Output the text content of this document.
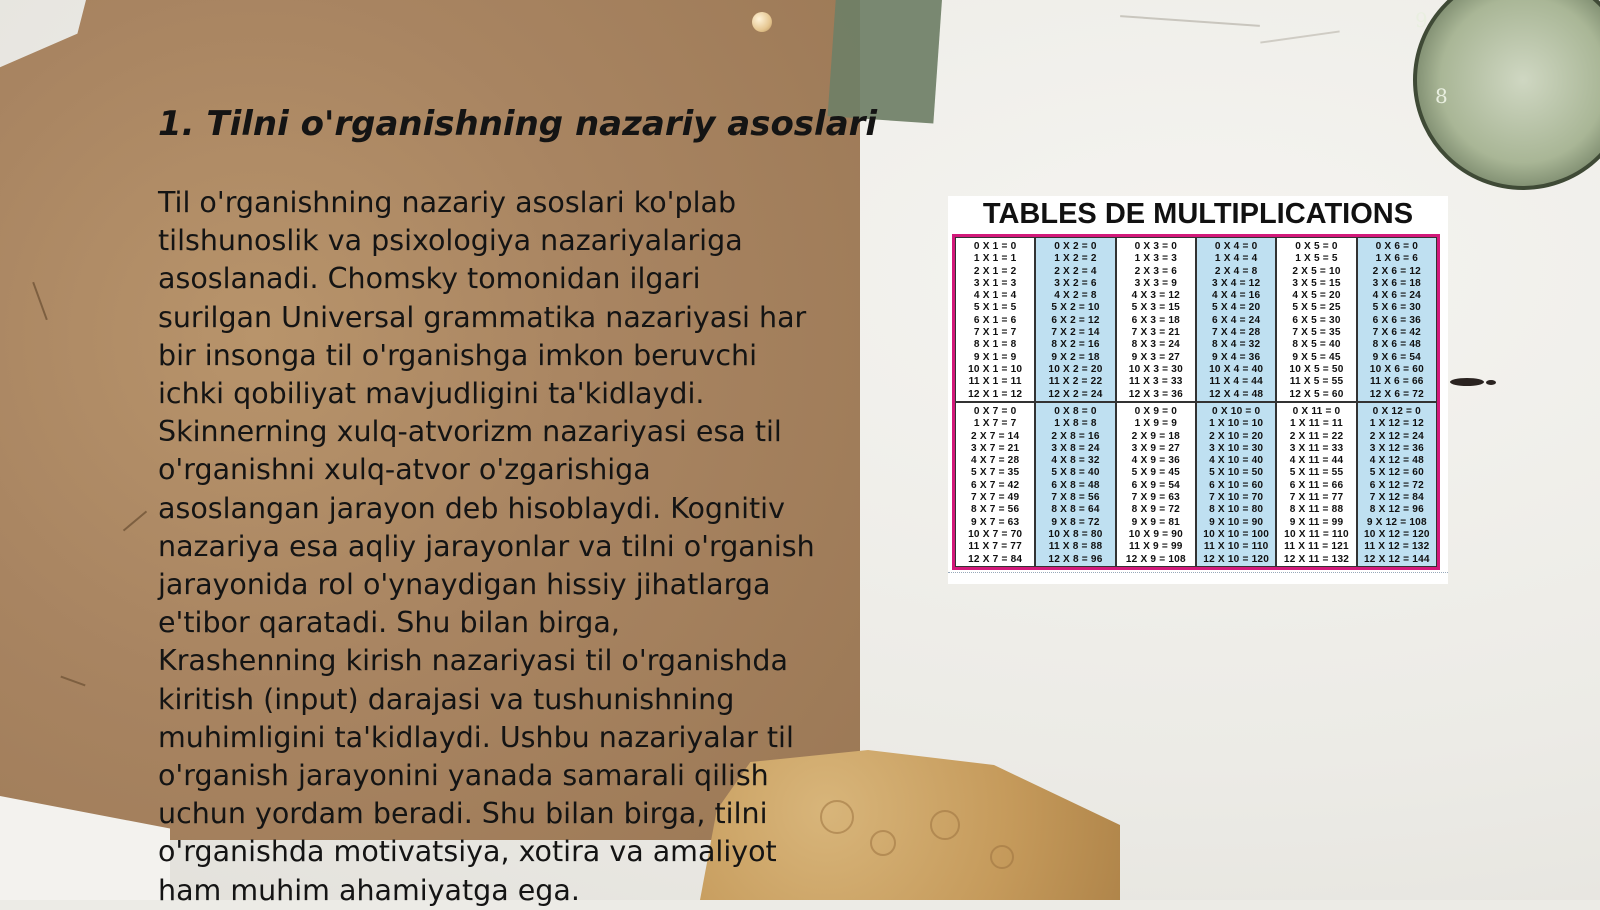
9
8
1. Tilni o'rganishning nazariy asoslari
Til o'rganishning nazariy asoslari ko'plab
tilshunoslik va psixologiya nazariyalariga
asoslanadi. Chomsky tomonidan ilgari
surilgan Universal grammatika nazariyasi har
bir insonga til o'rganishga imkon beruvchi
ichki qobiliyat mavjudligini ta'kidlaydi.
Skinnerning xulq-atvorizm nazariyasi esa til
o'rganishni xulq-atvor o'zgarishiga
asoslangan jarayon deb hisoblaydi. Kognitiv
nazariya esa aqliy jarayonlar va tilni o'rganish
jarayonida rol o'ynaydigan hissiy jihatlarga
e'tibor qaratadi. Shu bilan birga,
Krashenning kirish nazariyasi til o'rganishda
kiritish (input) darajasi va tushunishning
muhimligini ta'kidlaydi. Ushbu nazariyalar til
o'rganish jarayonini yanada samarali qilish
uchun yordam beradi. Shu bilan birga, tilni
o'rganishda motivatsiya, xotira va amaliyot
ham muhim ahamiyatga ega.
TABLES DE MULTIPLICATIONS
0 X 1 = 0
1 X 1 = 1
2 X 1 = 2
3 X 1 = 3
4 X 1 = 4
5 X 1 = 5
6 X 1 = 6
7 X 1 = 7
8 X 1 = 8
9 X 1 = 9
10 X 1 = 10
11 X 1 = 11
12 X 1 = 12
0 X 2 = 0
1 X 2 = 2
2 X 2 = 4
3 X 2 = 6
4 X 2 = 8
5 X 2 = 10
6 X 2 = 12
7 X 2 = 14
8 X 2 = 16
9 X 2 = 18
10 X 2 = 20
11 X 2 = 22
12 X 2 = 24
0 X 3 = 0
1 X 3 = 3
2 X 3 = 6
3 X 3 = 9
4 X 3 = 12
5 X 3 = 15
6 X 3 = 18
7 X 3 = 21
8 X 3 = 24
9 X 3 = 27
10 X 3 = 30
11 X 3 = 33
12 X 3 = 36
0 X 4 = 0
1 X 4 = 4
2 X 4 = 8
3 X 4 = 12
4 X 4 = 16
5 X 4 = 20
6 X 4 = 24
7 X 4 = 28
8 X 4 = 32
9 X 4 = 36
10 X 4 = 40
11 X 4 = 44
12 X 4 = 48
0 X 5 = 0
1 X 5 = 5
2 X 5 = 10
3 X 5 = 15
4 X 5 = 20
5 X 5 = 25
6 X 5 = 30
7 X 5 = 35
8 X 5 = 40
9 X 5 = 45
10 X 5 = 50
11 X 5 = 55
12 X 5 = 60
0 X 6 = 0
1 X 6 = 6
2 X 6 = 12
3 X 6 = 18
4 X 6 = 24
5 X 6 = 30
6 X 6 = 36
7 X 6 = 42
8 X 6 = 48
9 X 6 = 54
10 X 6 = 60
11 X 6 = 66
12 X 6 = 72
0 X 7 = 0
1 X 7 = 7
2 X 7 = 14
3 X 7 = 21
4 X 7 = 28
5 X 7 = 35
6 X 7 = 42
7 X 7 = 49
8 X 7 = 56
9 X 7 = 63
10 X 7 = 70
11 X 7 = 77
12 X 7 = 84
0 X 8 = 0
1 X 8 = 8
2 X 8 = 16
3 X 8 = 24
4 X 8 = 32
5 X 8 = 40
6 X 8 = 48
7 X 8 = 56
8 X 8 = 64
9 X 8 = 72
10 X 8 = 80
11 X 8 = 88
12 X 8 = 96
0 X 9 = 0
1 X 9 = 9
2 X 9 = 18
3 X 9 = 27
4 X 9 = 36
5 X 9 = 45
6 X 9 = 54
7 X 9 = 63
8 X 9 = 72
9 X 9 = 81
10 X 9 = 90
11 X 9 = 99
12 X 9 = 108
0 X 10 = 0
1 X 10 = 10
2 X 10 = 20
3 X 10 = 30
4 X 10 = 40
5 X 10 = 50
6 X 10 = 60
7 X 10 = 70
8 X 10 = 80
9 X 10 = 90
10 X 10 = 100
11 X 10 = 110
12 X 10 = 120
0 X 11 = 0
1 X 11 = 11
2 X 11 = 22
3 X 11 = 33
4 X 11 = 44
5 X 11 = 55
6 X 11 = 66
7 X 11 = 77
8 X 11 = 88
9 X 11 = 99
10 X 11 = 110
11 X 11 = 121
12 X 11 = 132
0 X 12 = 0
1 X 12 = 12
2 X 12 = 24
3 X 12 = 36
4 X 12 = 48
5 X 12 = 60
6 X 12 = 72
7 X 12 = 84
8 X 12 = 96
9 X 12 = 108
10 X 12 = 120
11 X 12 = 132
12 X 12 = 144
